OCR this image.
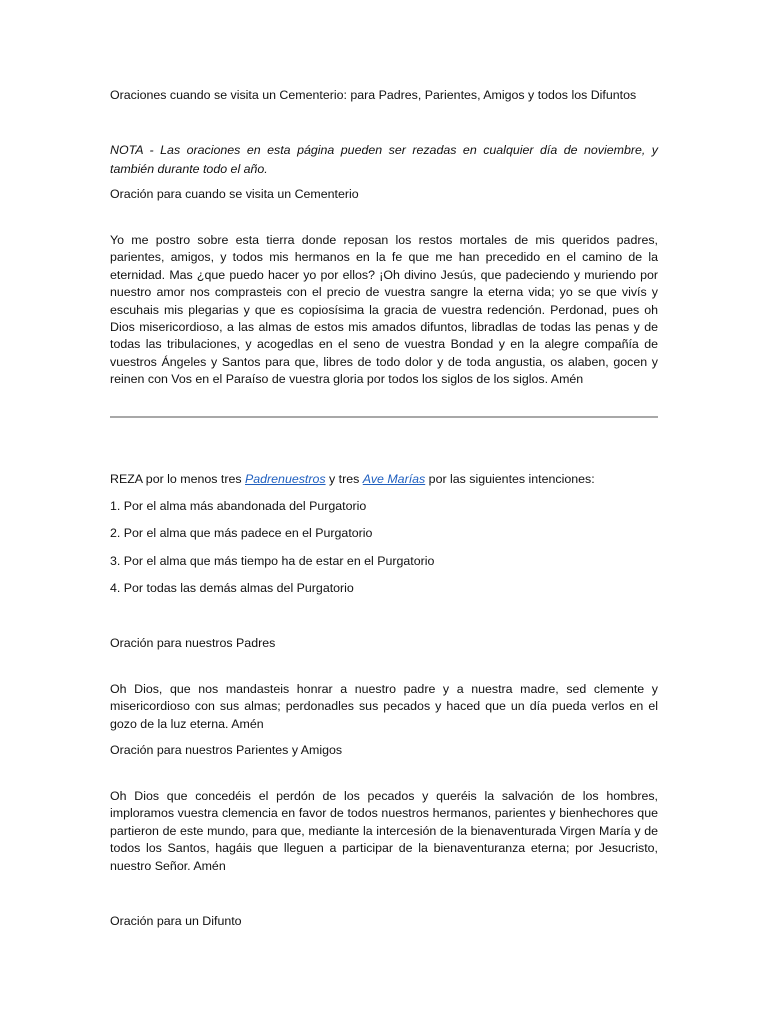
Oraciones cuando se visita un Cementerio: para Padres, Parientes, Amigos y todos los Difuntos

NOTA - Las oraciones en esta página pueden ser rezadas en cualquier día de noviembre, y también durante todo el año.

Oración para cuando se visita un Cementerio

Yo me postro sobre esta tierra donde reposan los restos mortales de mis queridos padres, parientes, amigos, y todos mis hermanos en la fe que me han precedido en el camino de la eternidad. Mas ¿que puedo hacer yo por ellos? ¡Oh divino Jesús, que padeciendo y muriendo por nuestro amor nos comprasteis con el precio de vuestra sangre la eterna vida; yo se que vivís y escuhais mis plegarias y que es copiosísima la gracia de vuestra redención. Perdonad, pues oh Dios misericordioso, a las almas de estos mis amados difuntos, libradlas de todas las penas y de todas las tribulaciones, y acogedlas en el seno de vuestra Bondad y en la alegre compañía de vuestros Ángeles y Santos para que, libres de todo dolor y de toda angustia, os alaben, gocen y reinen con Vos en el Paraíso de vuestra gloria por todos los siglos de los siglos. Amén

REZA por lo menos tres Padrenuestros y tres Ave Marías por las siguientes intenciones:

1. Por el alma más abandonada del Purgatorio
2. Por el alma que más padece en el Purgatorio
3. Por el alma que más tiempo ha de estar en el Purgatorio
4. Por todas las demás almas del Purgatorio

Oración para nuestros Padres

Oh Dios, que nos mandasteis honrar a nuestro padre y a nuestra madre, sed clemente y misericordioso con sus almas; perdonadles sus pecados y haced que un día pueda verlos en el gozo de la luz eterna. Amén

Oración para nuestros Parientes y Amigos

Oh Dios que concedéis el perdón de los pecados y queréis la salvación de los hombres, imploramos vuestra clemencia en favor de todos nuestros hermanos, parientes y bienhechores que partieron de este mundo, para que, mediante la intercesión de la bienaventurada Virgen María y de todos los Santos, hagáis que lleguen a participar de la bienaventuranza eterna; por Jesucristo, nuestro Señor. Amén

Oración para un Difunto
